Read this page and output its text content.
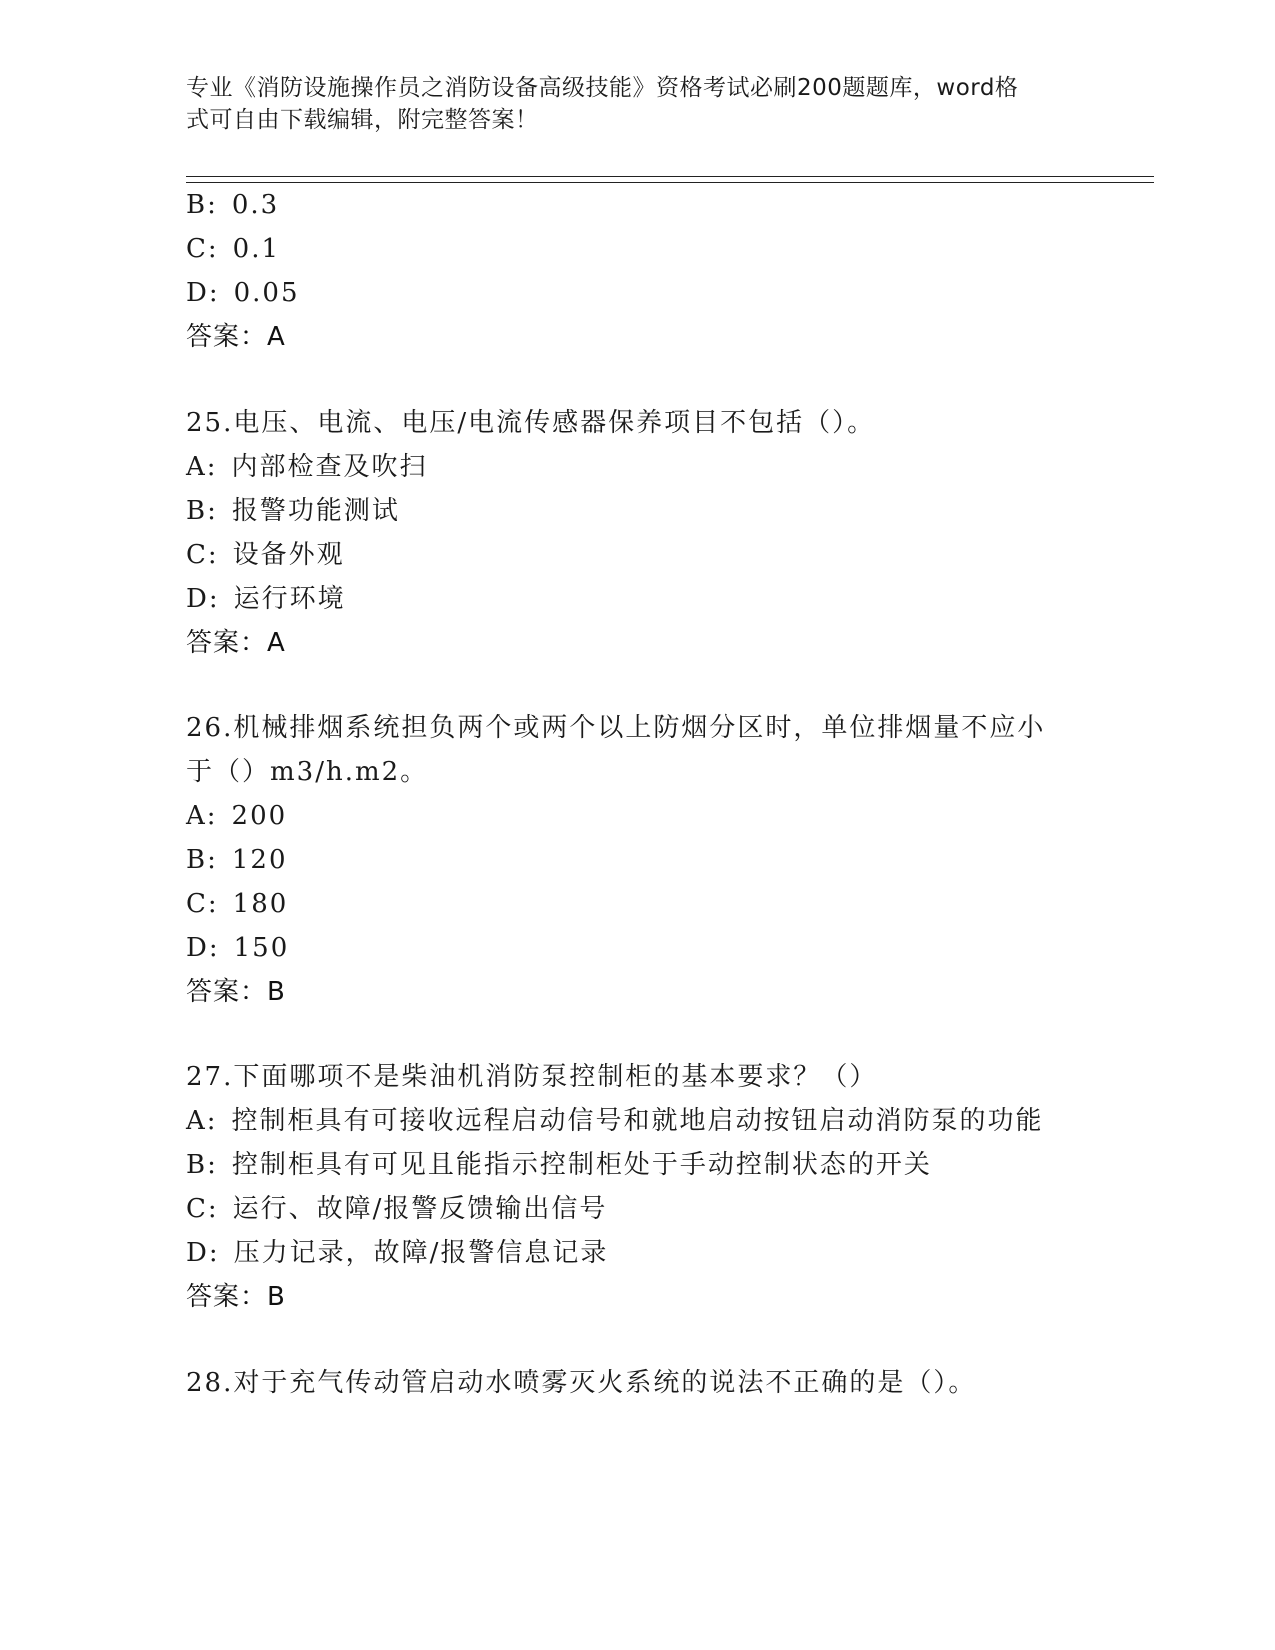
专业《消防设施操作员之消防设备高级技能》资格考试必刷200题题库，word格
式可自由下载编辑，附完整答案！
B: 0.3
C: 0.1
D: 0.05
答案：A
25.电压、电流、电压/电流传感器保养项目不包括（）。
A: 内部检查及吹扫
B: 报警功能测试
C: 设备外观
D: 运行环境
答案：A
26.机械排烟系统担负两个或两个以上防烟分区时，单位排烟量不应小
于（）m3/h.m2。
A: 200
B: 120
C: 180
D: 150
答案：B
27.下面哪项不是柴油机消防泵控制柜的基本要求？（）
A: 控制柜具有可接收远程启动信号和就地启动按钮启动消防泵的功能
B: 控制柜具有可见且能指示控制柜处于手动控制状态的开关
C: 运行、故障/报警反馈输出信号
D: 压力记录，故障/报警信息记录
答案：B
28.对于充气传动管启动水喷雾灭火系统的说法不正确的是（）。
